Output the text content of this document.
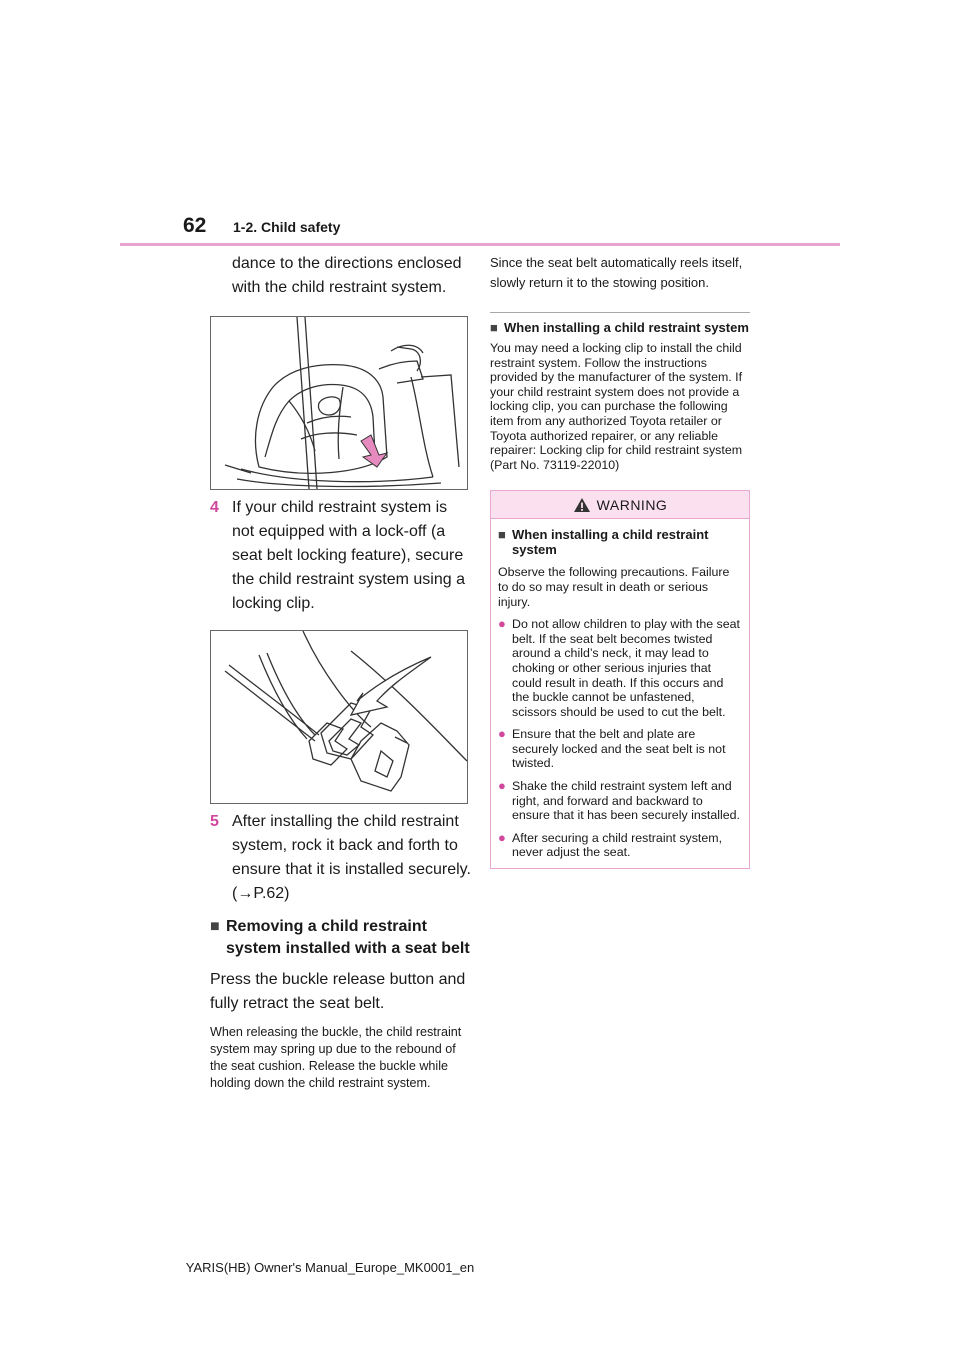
62 1-2. Child safety

dance to the directions enclosed with the child restraint system.

4 If your child restraint system is not equipped with a lock-off (a seat belt locking feature), secure the child restraint system using a locking clip.
5 After installing the child restraint system, rock it back and forth to ensure that it is installed securely. (→P.62)
■ Removing a child restraint system installed with a seat belt

Press the buckle release button and fully retract the seat belt.

When releasing the buckle, the child restraint system may spring up due to the rebound of the seat cushion. Release the buckle while holding down the child restraint system.

Since the seat belt automatically reels itself, slowly return it to the stowing position.

■ When installing a child restraint system

You may need a locking clip to install the child restraint system. Follow the instructions provided by the manufacturer of the system. If your child restraint system does not provide a locking clip, you can purchase the following item from any authorized Toyota retailer or Toyota authorized repairer, or any reliable repairer: Locking clip for child restraint system (Part No. 73119-22010)

WARNING
■ When installing a child restraint system

Observe the following precautions. Failure to do so may result in death or serious injury.

● Do not allow children to play with the seat belt. If the seat belt becomes twisted around a child’s neck, it may lead to choking or other serious injuries that could result in death. If this occurs and the buckle cannot be unfastened, scissors should be used to cut the belt.
● Ensure that the belt and plate are securely locked and the seat belt is not twisted.
● Shake the child restraint system left and right, and forward and backward to ensure that it has been securely installed.
● After securing a child restraint system, never adjust the seat.
YARIS(HB) Owner's Manual_Europe_MK0001_en
